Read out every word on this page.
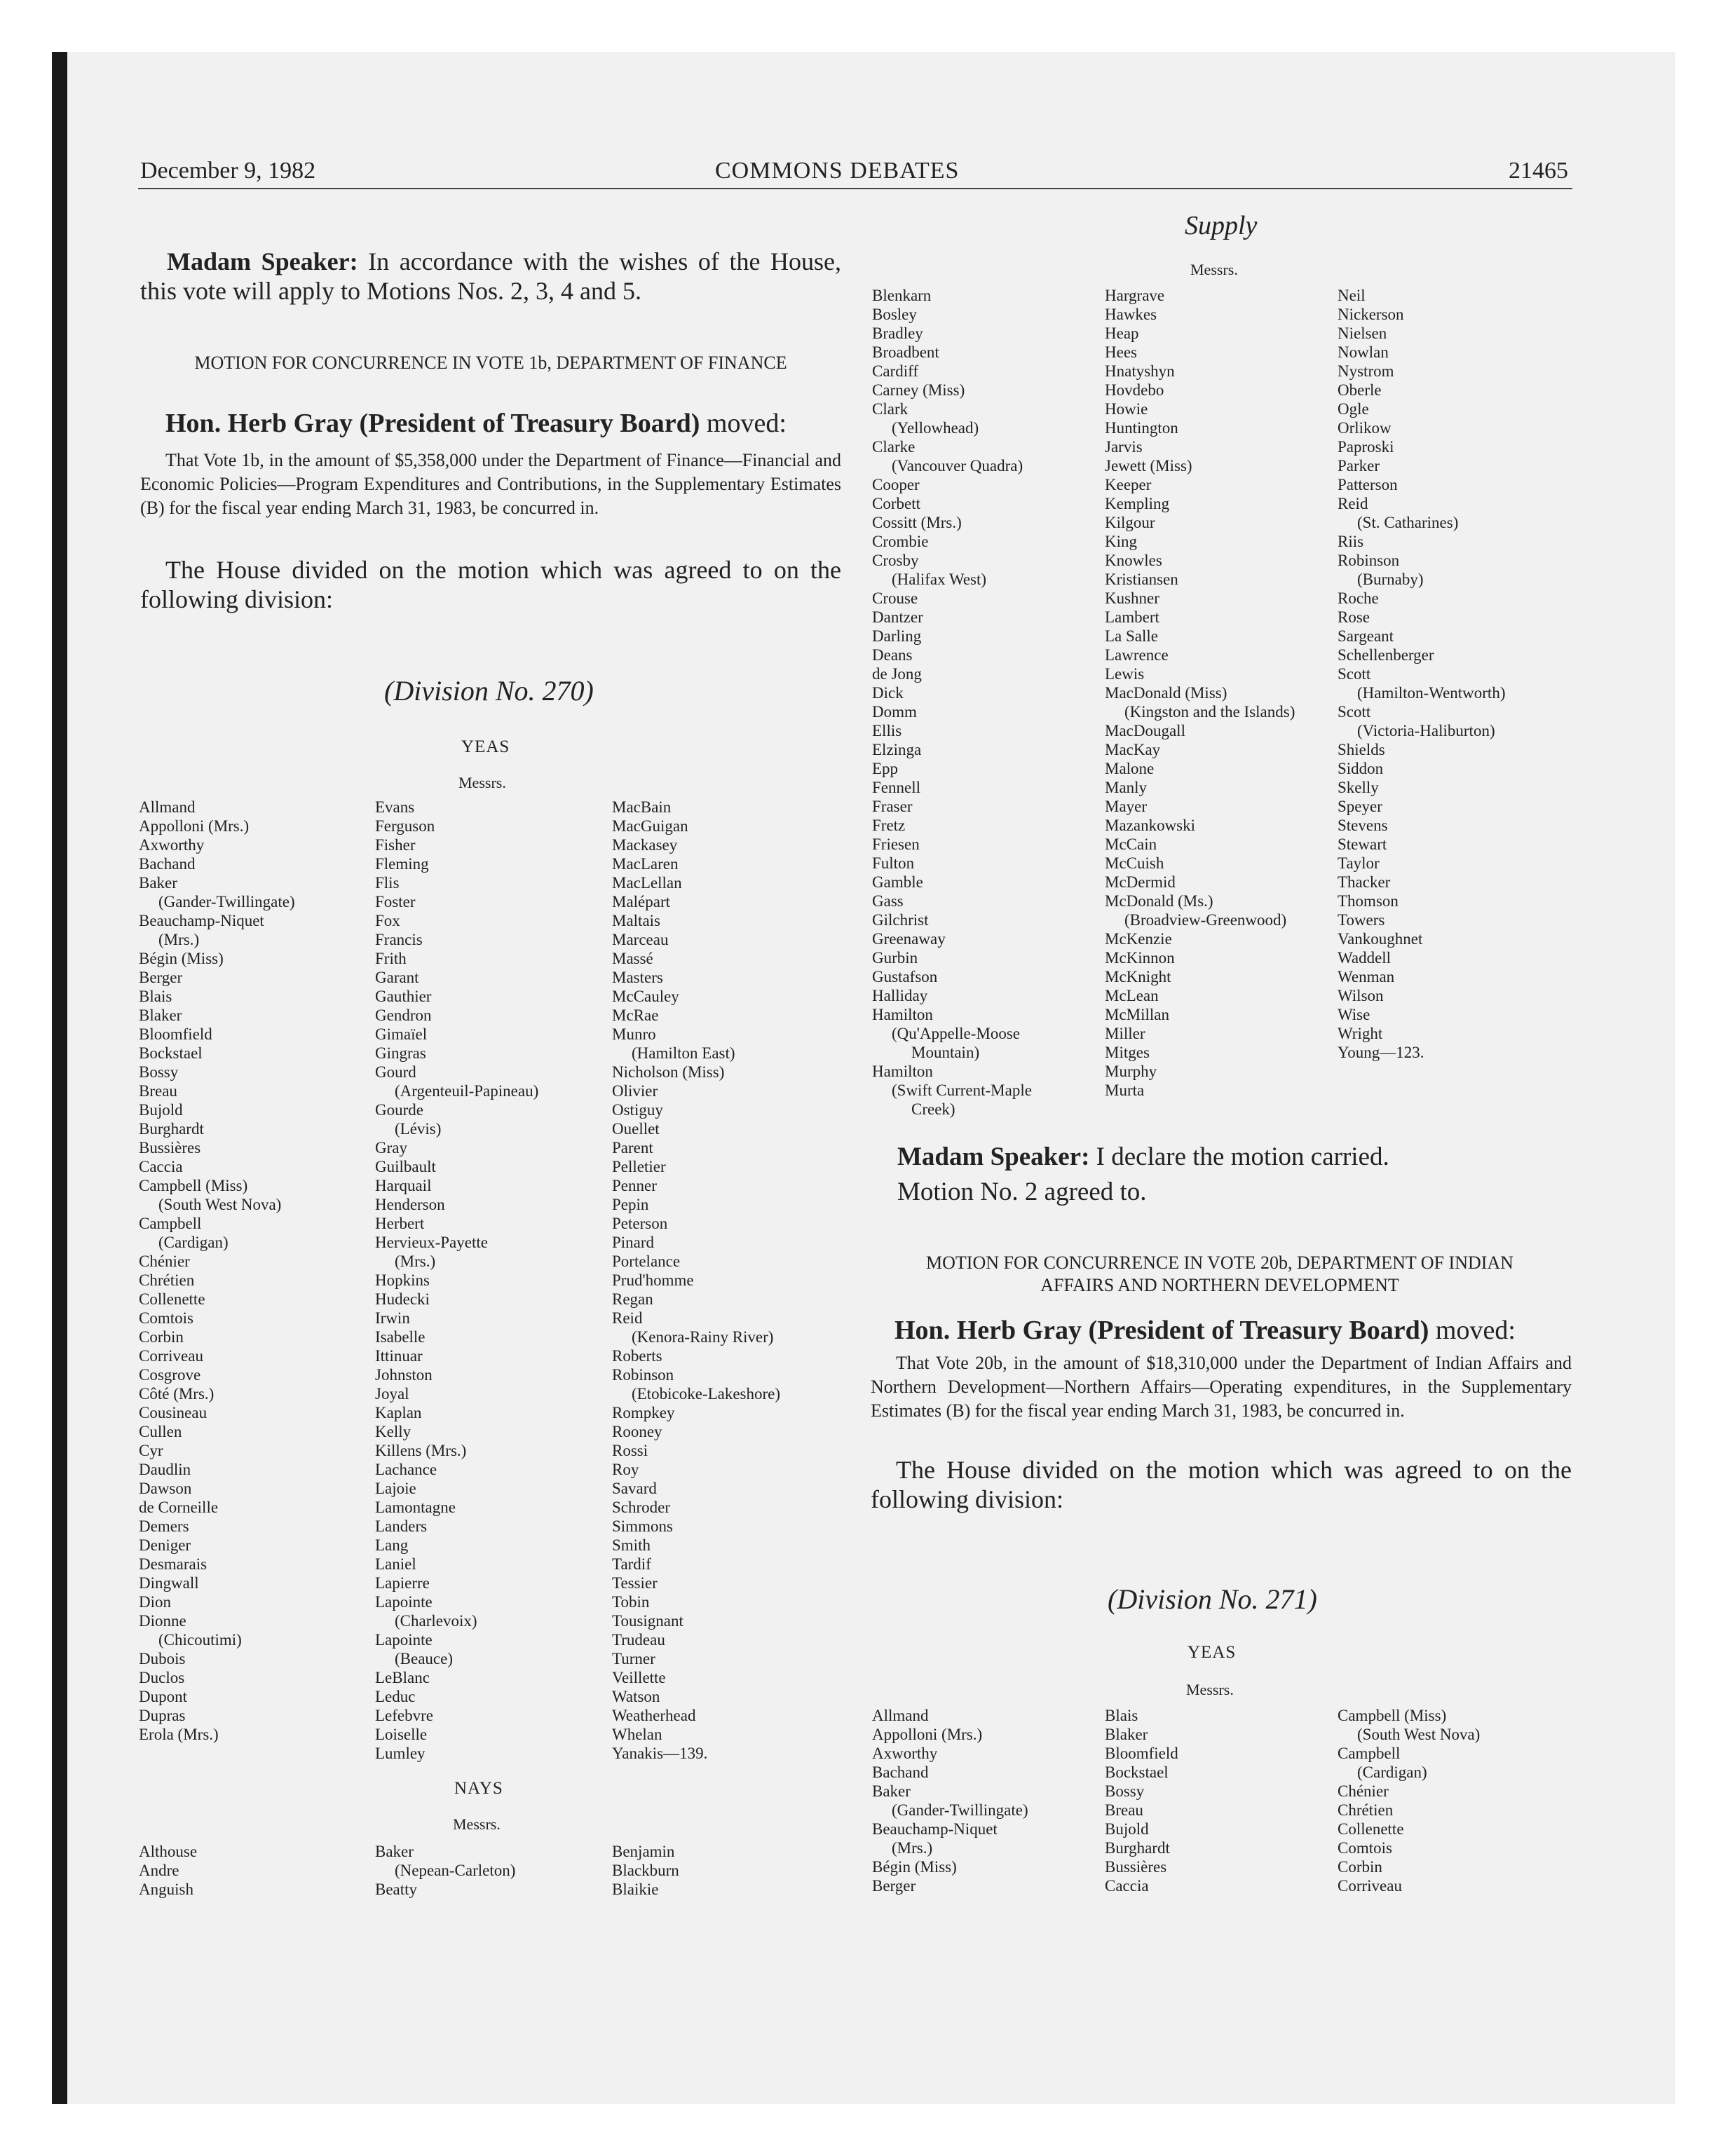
December 9, 1982	COMMONS DEBATES	21465
Supply
Madam Speaker: In accordance with the wishes of the House, this vote will apply to Motions Nos. 2, 3, 4 and 5.
MOTION FOR CONCURRENCE IN VOTE 1b, DEPARTMENT OF FINANCE
Hon. Herb Gray (President of Treasury Board) moved:
That Vote 1b, in the amount of $5,358,000 under the Department of Finance—Financial and Economic Policies—Program Expenditures and Contributions, in the Supplementary Estimates (B) for the fiscal year ending March 31, 1983, be concurred in.
The House divided on the motion which was agreed to on the following division:
(Division No. 270)
YEAS
Messrs.
Allmand
Appolloni (Mrs.)
Axworthy
Bachand
Baker
(Gander-Twillingate)
Beauchamp-Niquet
(Mrs.)
Bégin (Miss)
Berger
Blais
Blaker
Bloomfield
Bockstael
Bossy
Breau
Bujold
Burghardt
Bussières
Caccia
Campbell (Miss)
(South West Nova)
Campbell
(Cardigan)
Chénier
Chrétien
Collenette
Comtois
Corbin
Corriveau
Cosgrove
Côté (Mrs.)
Cousineau
Cullen
Cyr
Daudlin
Dawson
de Corneille
Demers
Deniger
Desmarais
Dingwall
Dion
Dionne
(Chicoutimi)
Dubois
Duclos
Dupont
Dupras
Erola (Mrs.)
Evans
Ferguson
Fisher
Fleming
Flis
Foster
Fox
Francis
Frith
Garant
Gauthier
Gendron
Gimaïel
Gingras
Gourd
(Argenteuil-Papineau)
Gourde
(Lévis)
Gray
Guilbault
Harquail
Henderson
Herbert
Hervieux-Payette
(Mrs.)
Hopkins
Hudecki
Irwin
Isabelle
Ittinuar
Johnston
Joyal
Kaplan
Kelly
Killens (Mrs.)
Lachance
Lajoie
Lamontagne
Landers
Lang
Laniel
Lapierre
Lapointe
(Charlevoix)
Lapointe
(Beauce)
LeBlanc
Leduc
Lefebvre
Loiselle
Lumley
MacBain
MacGuigan
Mackasey
MacLaren
MacLellan
Malépart
Maltais
Marceau
Massé
Masters
McCauley
McRae
Munro
(Hamilton East)
Nicholson (Miss)
Olivier
Ostiguy
Ouellet
Parent
Pelletier
Penner
Pepin
Peterson
Pinard
Portelance
Prud'homme
Regan
Reid
(Kenora-Rainy River)
Roberts
Robinson
(Etobicoke-Lakeshore)
Rompkey
Rooney
Rossi
Roy
Savard
Schroder
Simmons
Smith
Tardif
Tessier
Tobin
Tousignant
Trudeau
Turner
Veillette
Watson
Weatherhead
Whelan
Yanakis—139.
NAYS
Messrs.
Althouse
Andre
Anguish
Baker
(Nepean-Carleton)
Beatty
Benjamin
Blackburn
Blaikie
Messrs.
Blenkarn
Bosley
Bradley
Broadbent
Cardiff
Carney (Miss)
Clark
(Yellowhead)
Clarke
(Vancouver Quadra)
Cooper
Corbett
Cossitt (Mrs.)
Crombie
Crosby
(Halifax West)
Crouse
Dantzer
Darling
Deans
de Jong
Dick
Domm
Ellis
Elzinga
Epp
Fennell
Fraser
Fretz
Friesen
Fulton
Gamble
Gass
Gilchrist
Greenaway
Gurbin
Gustafson
Halliday
Hamilton
(Qu'Appelle-Moose
Mountain)
Hamilton
(Swift Current-Maple
Creek)
Hargrave
Hawkes
Heap
Hees
Hnatyshyn
Hovdebo
Howie
Huntington
Jarvis
Jewett (Miss)
Keeper
Kempling
Kilgour
King
Knowles
Kristiansen
Kushner
Lambert
La Salle
Lawrence
Lewis
MacDonald (Miss)
(Kingston and the Islands)
MacDougall
MacKay
Malone
Manly
Mayer
Mazankowski
McCain
McCuish
McDermid
McDonald (Ms.)
(Broadview-Greenwood)
McKenzie
McKinnon
McKnight
McLean
McMillan
Miller
Mitges
Murphy
Murta
Neil
Nickerson
Nielsen
Nowlan
Nystrom
Oberle
Ogle
Orlikow
Paproski
Parker
Patterson
Reid
(St. Catharines)
Riis
Robinson
(Burnaby)
Roche
Rose
Sargeant
Schellenberger
Scott
(Hamilton-Wentworth)
Scott
(Victoria-Haliburton)
Shields
Siddon
Skelly
Speyer
Stevens
Stewart
Taylor
Thacker
Thomson
Towers
Vankoughnet
Waddell
Wenman
Wilson
Wise
Wright
Young—123.
Madam Speaker: I declare the motion carried.
Motion No. 2 agreed to.
MOTION FOR CONCURRENCE IN VOTE 20b, DEPARTMENT OF INDIAN AFFAIRS AND NORTHERN DEVELOPMENT
Hon. Herb Gray (President of Treasury Board) moved:
That Vote 20b, in the amount of $18,310,000 under the Department of Indian Affairs and Northern Development—Northern Affairs—Operating expenditures, in the Supplementary Estimates (B) for the fiscal year ending March 31, 1983, be concurred in.
The House divided on the motion which was agreed to on the following division:
(Division No. 271)
YEAS
Messrs.
Allmand
Appolloni (Mrs.)
Axworthy
Bachand
Baker
(Gander-Twillingate)
Beauchamp-Niquet
(Mrs.)
Bégin (Miss)
Berger
Blais
Blaker
Bloomfield
Bockstael
Bossy
Breau
Bujold
Burghardt
Bussières
Caccia
Campbell (Miss)
(South West Nova)
Campbell
(Cardigan)
Chénier
Chrétien
Collenette
Comtois
Corbin
Corriveau
